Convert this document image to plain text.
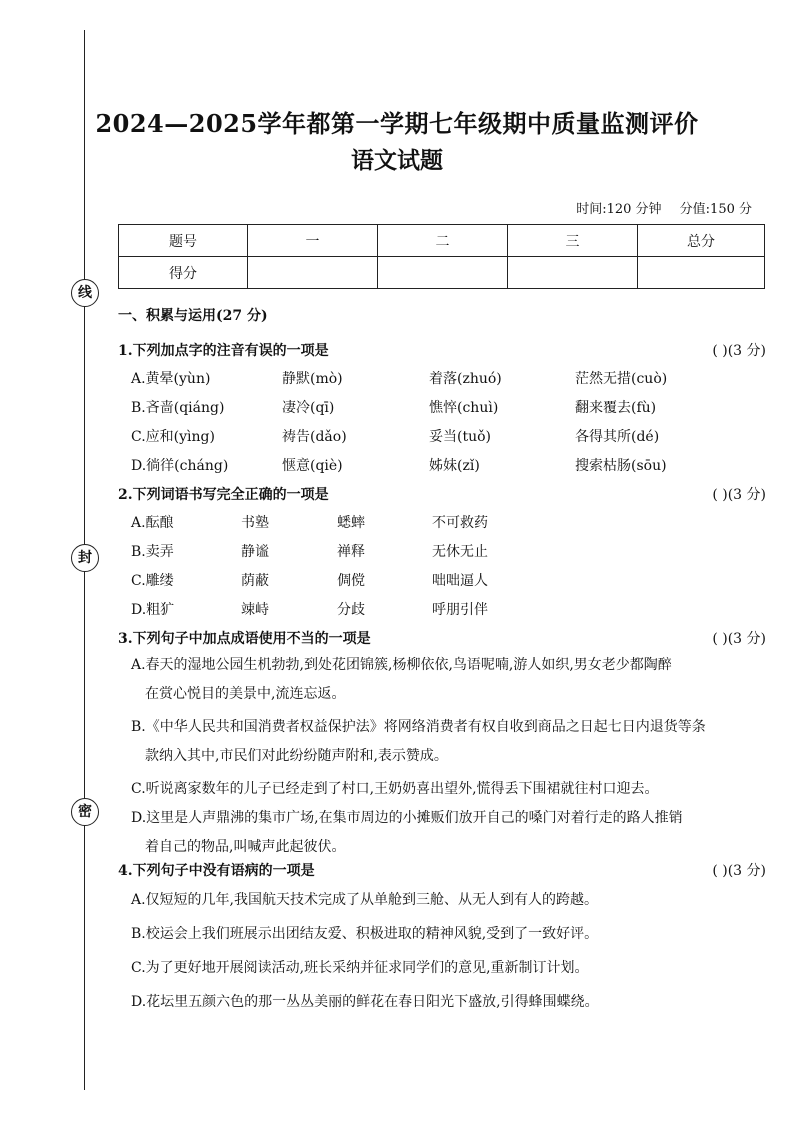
线
封
密
2024—2025学年都第一学期七年级期中质量监测评价
语文试题
时间:120 分钟 分值:150 分
题号	一	二	三	总分
得分				
一、积累与运用(27 分)
1.下列加点字的注音有误的一项是	( )(3 分)
A.黄晕(yùn)	静默(mò)	着落(zhuó)	茫然无措(cuò)
B.吝啬(qiáng)	凄冷(qī)	憔悴(chuì)	翻来覆去(fù)
C.应和(yìng)	祷告(dǎo)	妥当(tuǒ)	各得其所(dé)
D.徜徉(cháng)	惬意(qiè)	姊妹(zǐ)	搜索枯肠(sōu)
2.下列词语书写完全正确的一项是	( )(3 分)
A.酝酿	书塾	蟋蟀	不可救药
B.卖弄	静谧	禅释	无休无止
C.雕缕	荫蔽	倜傥	咄咄逼人
D.粗犷	竦峙	分歧	呼朋引伴
3.下列句子中加点成语使用不当的一项是	( )(3 分)
A.春天的湿地公园生机勃勃,到处花团锦簇,杨柳依依,鸟语呢喃,游人如织,男女老少都陶醉
在赏心悦目的美景中,流连忘返。
B.《中华人民共和国消费者权益保护法》将网络消费者有权自收到商品之日起七日内退货等条
款纳入其中,市民们对此纷纷随声附和,表示赞成。
C.听说离家数年的儿子已经走到了村口,王奶奶喜出望外,慌得丢下围裙就往村口迎去。
D.这里是人声鼎沸的集市广场,在集市周边的小摊贩们放开自己的嗓门对着行走的路人推销
着自己的物品,叫喊声此起彼伏。
4.下列句子中没有语病的一项是	( )(3 分)
A.仅短短的几年,我国航天技术完成了从单舱到三舱、从无人到有人的跨越。
B.校运会上我们班展示出团结友爱、积极进取的精神风貌,受到了一致好评。
C.为了更好地开展阅读活动,班长采纳并征求同学们的意见,重新制订计划。
D.花坛里五颜六色的那一丛丛美丽的鲜花在春日阳光下盛放,引得蜂围蝶绕。
